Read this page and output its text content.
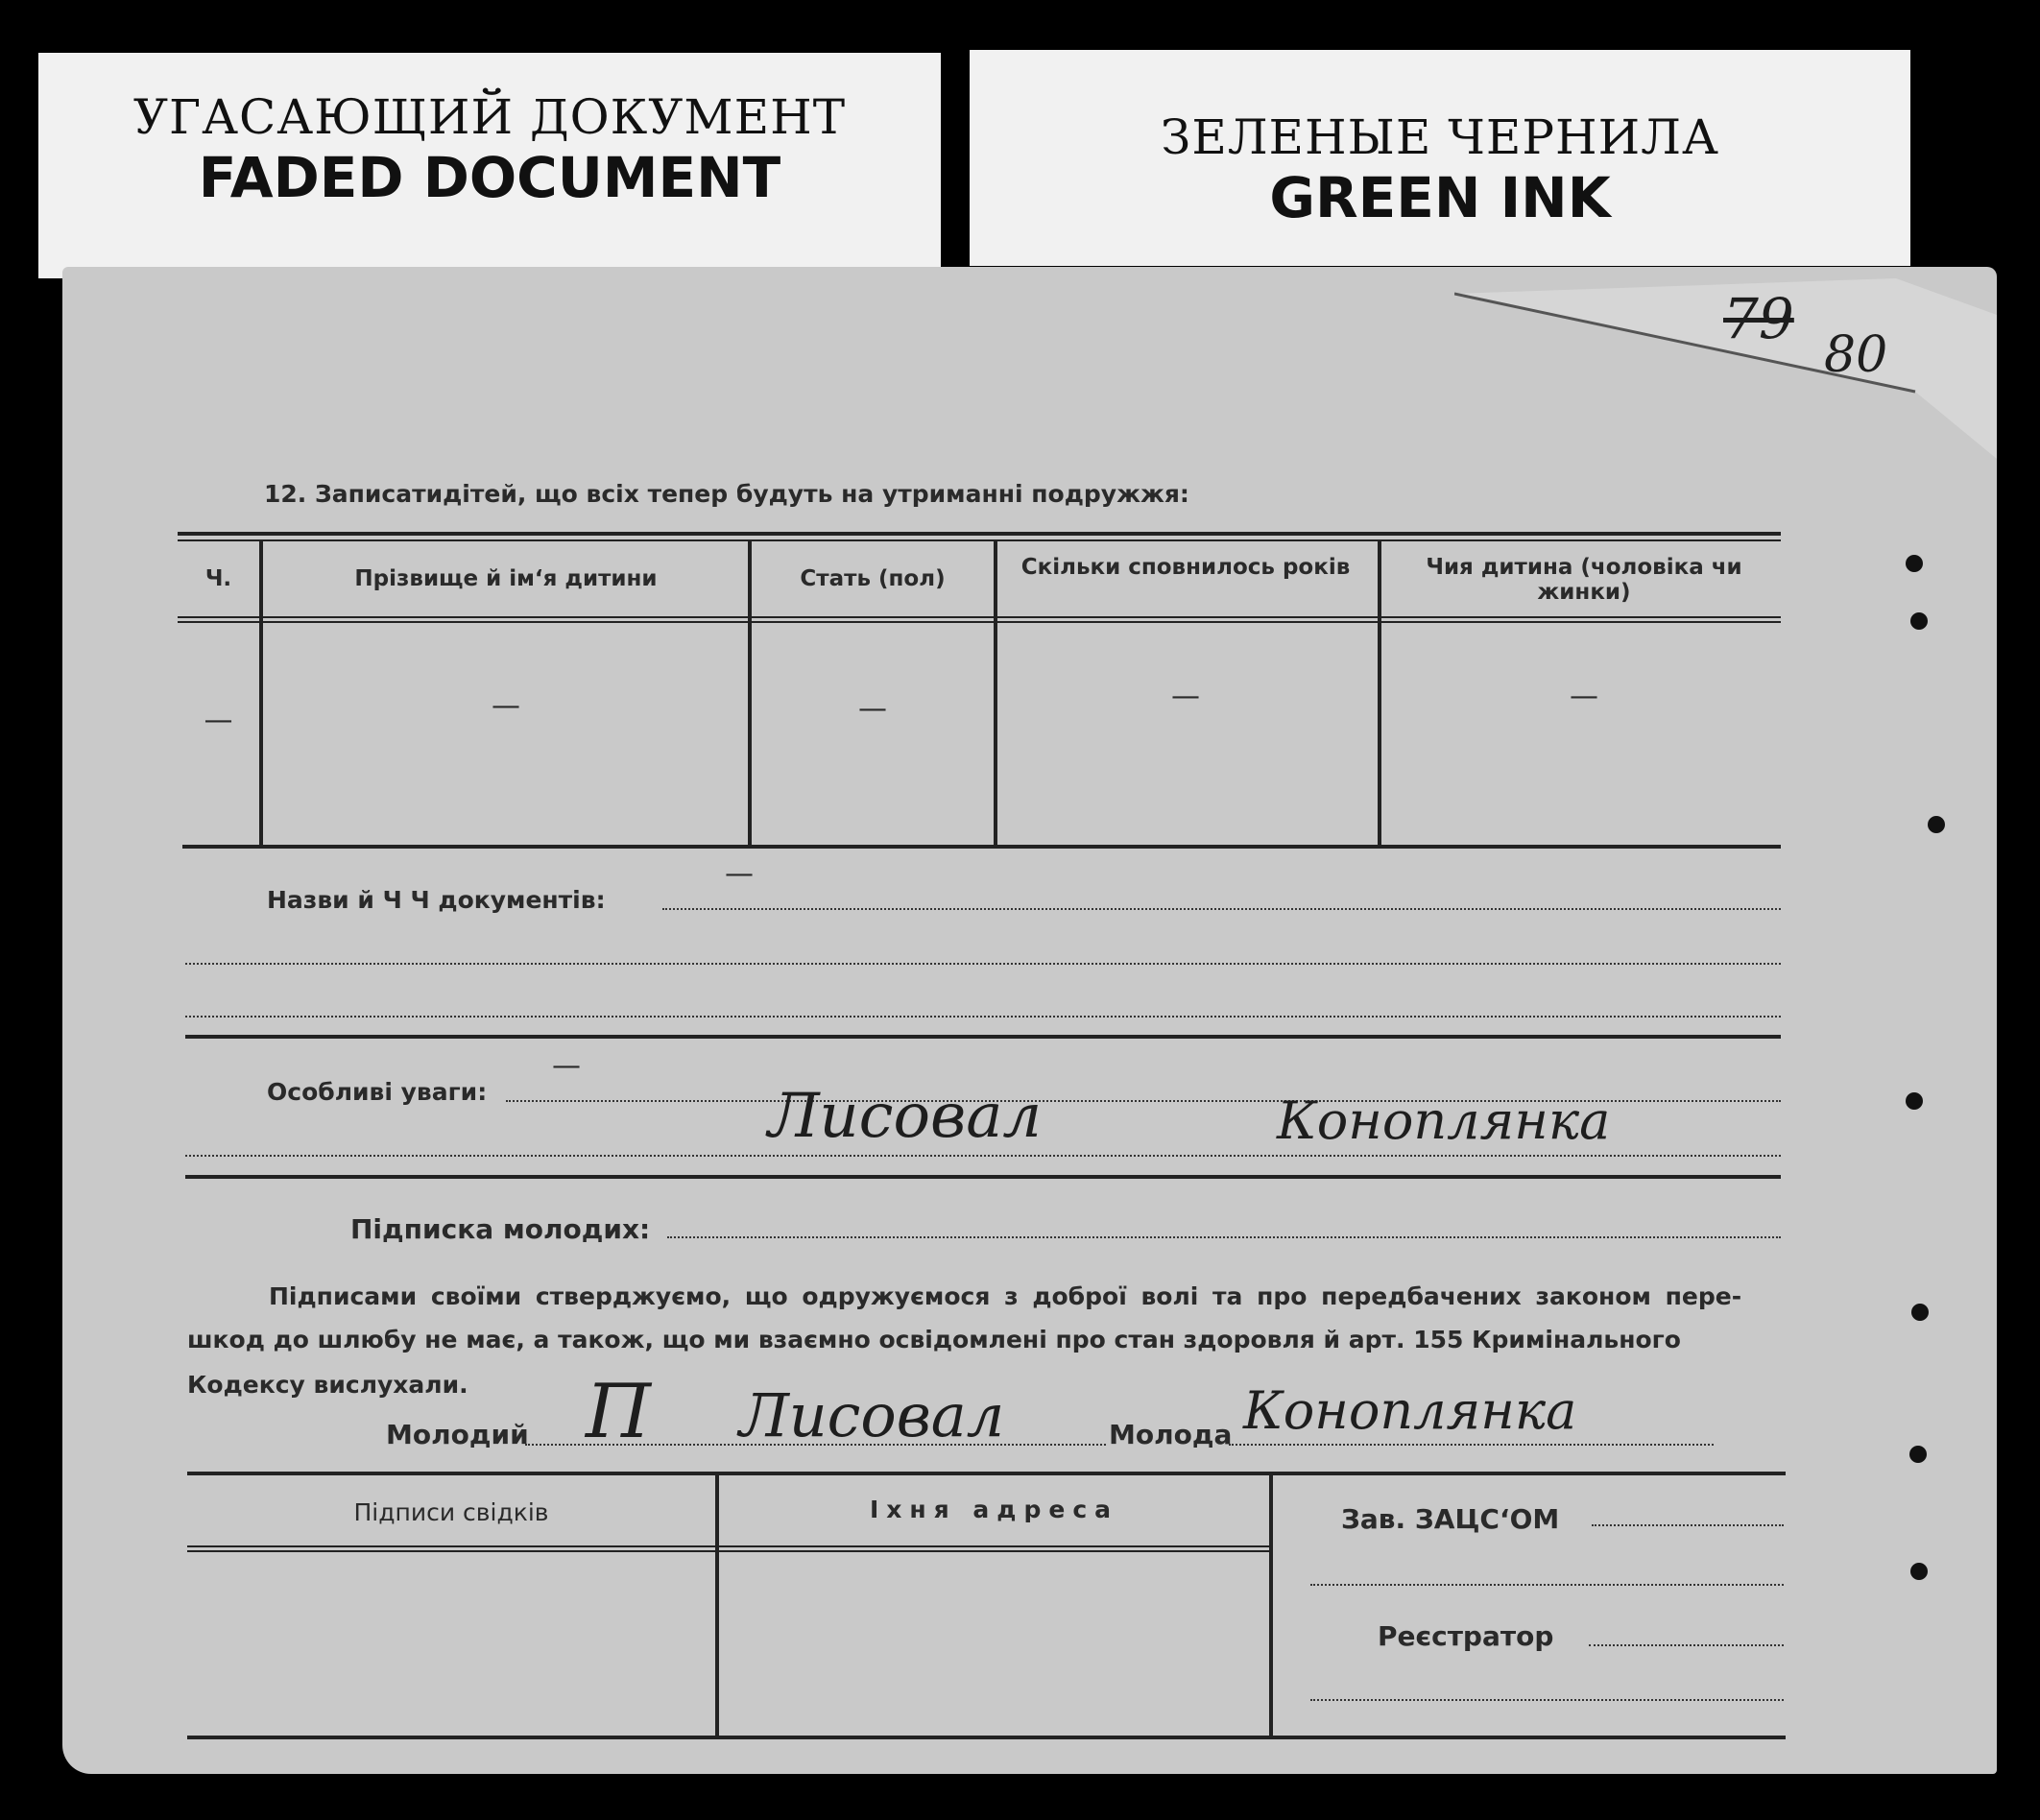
УГАСАЮЩИЙ ДОКУМЕНТ
FADED DOCUMENT
ЗЕЛЕНЫЕ ЧЕРНИЛА
GREEN INK
79
80
12. Записатидітей, що всіх тепер будуть на утриманні подружжя:
Ч.	Прізвище й ім‘я дитини	Стать (пол)	Скільки сповнилось років	Чия дитина (чоловіка чи жинки)
—	—	—	—	—
Назви й Ч Ч документів:
—
Особливі уваги:
—
Лисовал	Коноплянка
Підписка молодих:
Підписами своїми стверджуємо, що одружуємося з доброї волі та про передбачених законом пере-
шкод до шлюбу не має, а також, що ми взаємно освідомлені про стан здоровля й арт. 155 Кримінального
Кодексу вислухали.
Молодий П Лисовал	Молода Коноплянка
Підписи свідків	Іхня адреса	Зав. ЗАЦС‘ОМ
Реєстратор
